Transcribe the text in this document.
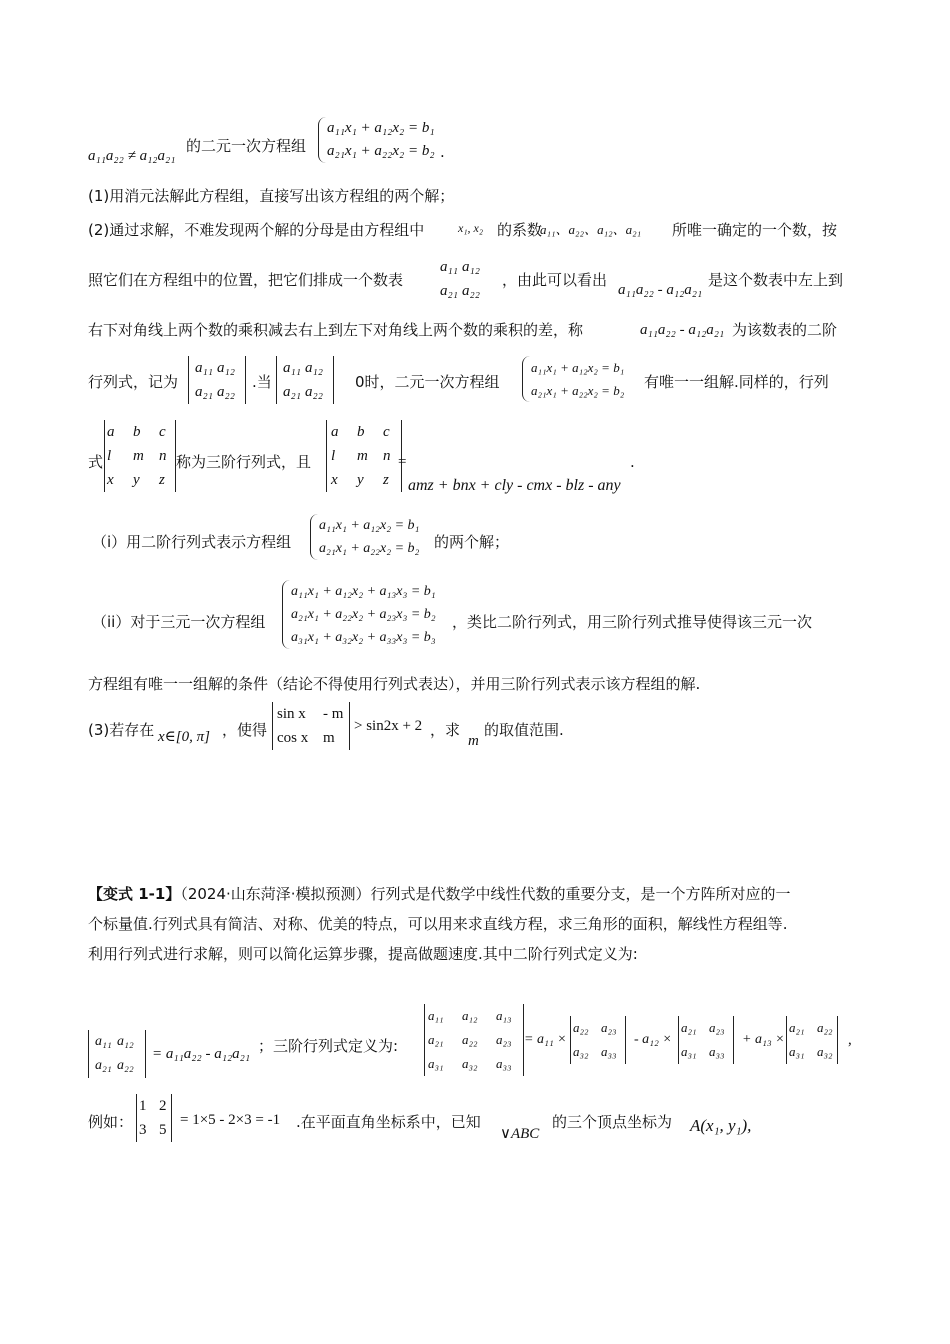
a₁₁a₂₂ ≠ a₁₂a₂₁
的二元一次方程组
a₁₁x₁ + a₁₂x₂ = b₁
a₂₁x₁ + a₂₂x₂ = b₂ .
(1)用消元法解此方程组，直接写出该方程组的两个解；
(2)通过求解，不难发现两个解的分母是由方程组中	x₁, x₂ 的系数
a₁₁、a₂₂、a₁₂、a₂₁ 所唯一确定的一个数，按
照它们在方程组中的位置，把它们排成一个数表
a₁₁ a₁₂
a₂₁ a₂₂
，由此可以看出
a₁₁a₂₂ - a₁₂a₂₁
是这个数表中左上到
右下对角线上两个数的乘积减去右上到左下对角线上两个数的乘积的差，称	a₁₁a₂₂ - a₁₂a₂₁ 为该数表的二阶
行列式，记为
a₁₁ a₁₂
a₂₁ a₂₂
.当
a₁₁ a₁₂
a₂₁ a₂₂
0时，二元一次方程组
a₁₁x₁ + a₁₂x₂ = b₁
a₂₁x₁ + a₂₂x₂ = b₂ 有唯一一组解.同样的，行列
式
a	b	c
l	m	n
x	y	z
称为三阶行列式，且
a	b	c
l	m	n
x	y	z
=
amz + bnx + cly - cmx - blz - any
.
（i）用二阶行列式表示方程组
a₁₁x₁ + a₁₂x₂ = b₁
a₂₁x₁ + a₂₂x₂ = b₂ 的两个解；
（ii）对于三元一次方程组
a₁₁x₁ + a₁₂x₂ + a₁₃x₃ = b₁
a₂₁x₁ + a₂₂x₂ + a₂₃x₃ = b₂
a₃₁x₁ + a₃₂x₂ + a₃₃x₃ = b₃
，类比二阶行列式，用三阶行列式推导使得该三元一次
方程组有唯一一组解的条件（结论不得使用行列式表达），并用三阶行列式表示该方程组的解.
(3)若存在 x∈[0, π] ，使得
sin x	- m
cos x m
> sin2x + 2 ，求
m
的取值范围.
【变式 1-1】（2024·山东菏泽·模拟预测）行列式是代数学中线性代数的重要分支，是一个方阵所对应的一
个标量值.行列式具有简洁、对称、优美的特点，可以用来求直线方程，求三角形的面积，解线性方程组等.
利用行列式进行求解，则可以简化运算步骤，提高做题速度.其中二阶行列式定义为:
a₁₁ a₁₂
a₂₁ a₂₂
= a₁₁a₂₂ - a₁₂a₂₁ ；三阶行列式定义为:
a₁₁	a₁₂	a₁₃
a₂₁	a₂₂	a₂₃
a₃₁	a₃₂	a₃₃
= a₁₁ ×
a₂₂ a₂₃
a₃₂ a₃₃
- a₁₂ ×
a₂₁ a₂₃
a₃₁ a₃₃
+ a₁₃ ×
a₂₁ a₂₂
a₃₁ a₃₂
,
例如：
1 2
3 5
= 1×5 - 2×3 = -1 .在平面直角坐标系中，已知
∨ABC
的三个顶点坐标为 A(x₁, y₁),
